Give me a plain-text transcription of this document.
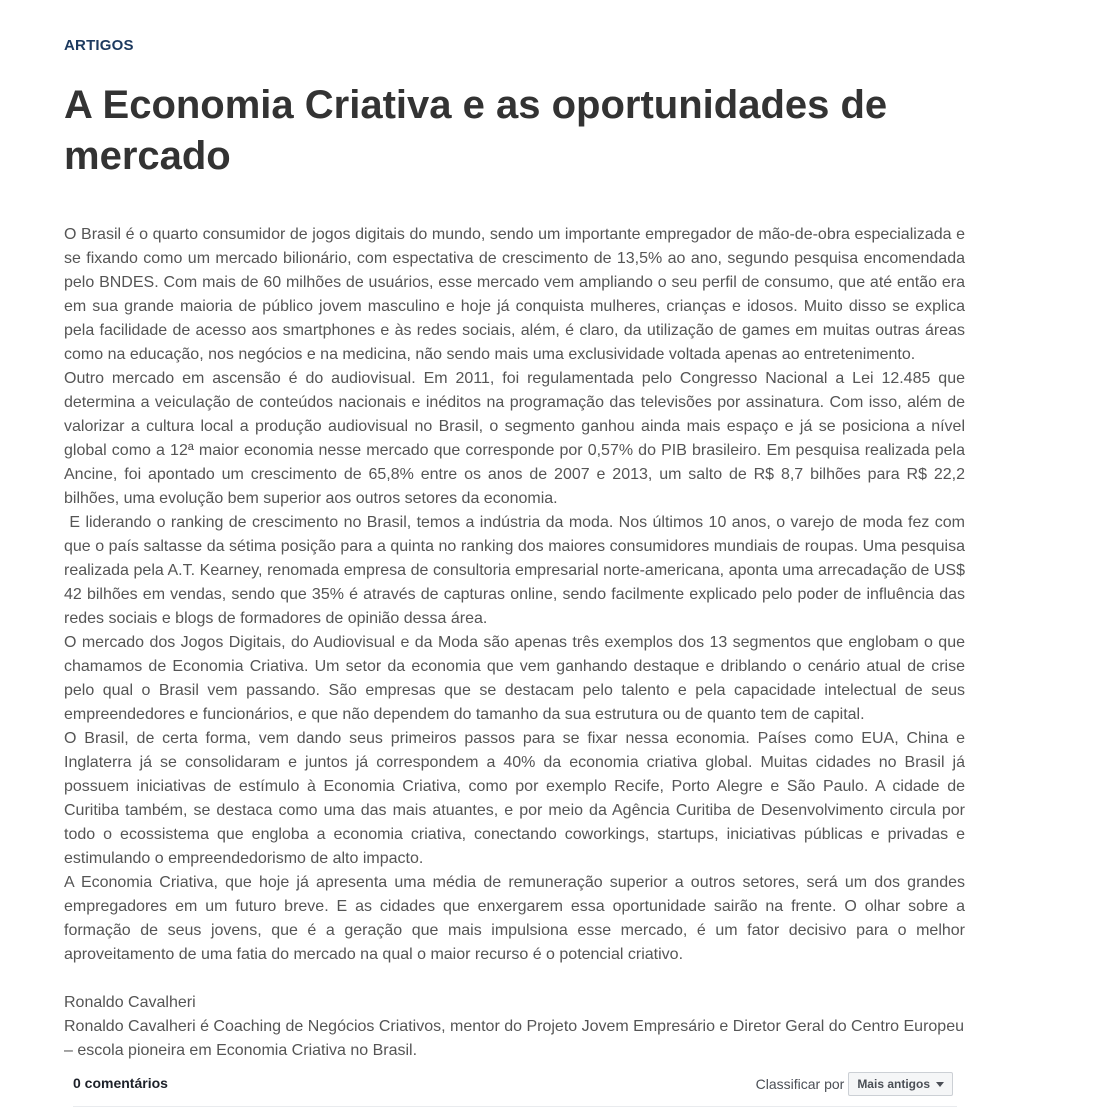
ARTIGOS
A Economia Criativa e as oportunidades de mercado

O Brasil é o quarto consumidor de jogos digitais do mundo, sendo um importante empregador de mão-de-obra especializada e se fixando como um mercado bilionário, com espectativa de crescimento de 13,5% ao ano, segundo pesquisa encomendada pelo BNDES. Com mais de 60 milhões de usuários, esse mercado vem ampliando o seu perfil de consumo, que até então era em sua grande maioria de público jovem masculino e hoje já conquista mulheres, crianças e idosos. Muito disso se explica pela facilidade de acesso aos smartphones e às redes sociais, além, é claro, da utilização de games em muitas outras áreas como na educação, nos negócios e na medicina, não sendo mais uma exclusividade voltada apenas ao entretenimento.

Outro mercado em ascensão é do audiovisual. Em 2011, foi regulamentada pelo Congresso Nacional a Lei 12.485 que determina a veiculação de conteúdos nacionais e inéditos na programação das televisões por assinatura. Com isso, além de valorizar a cultura local a produção audiovisual no Brasil, o segmento ganhou ainda mais espaço e já se posiciona a nível global como a 12ª maior economia nesse mercado que corresponde por 0,57% do PIB brasileiro. Em pesquisa realizada pela Ancine, foi apontado um crescimento de 65,8% entre os anos de 2007 e 2013, um salto de R$ 8,7 bilhões para R$ 22,2 bilhões, uma evolução bem superior aos outros setores da economia.

E liderando o ranking de crescimento no Brasil, temos a indústria da moda. Nos últimos 10 anos, o varejo de moda fez com que o país saltasse da sétima posição para a quinta no ranking dos maiores consumidores mundiais de roupas. Uma pesquisa realizada pela A.T. Kearney, renomada empresa de consultoria empresarial norte-americana, aponta uma arrecadação de US$ 42 bilhões em vendas, sendo que 35% é através de capturas online, sendo facilmente explicado pelo poder de influência das redes sociais e blogs de formadores de opinião dessa área.

O mercado dos Jogos Digitais, do Audiovisual e da Moda são apenas três exemplos dos 13 segmentos que englobam o que chamamos de Economia Criativa. Um setor da economia que vem ganhando destaque e driblando o cenário atual de crise pelo qual o Brasil vem passando. São empresas que se destacam pelo talento e pela capacidade intelectual de seus empreendedores e funcionários, e que não dependem do tamanho da sua estrutura ou de quanto tem de capital.

O Brasil, de certa forma, vem dando seus primeiros passos para se fixar nessa economia. Países como EUA, China e Inglaterra já se consolidaram e juntos já correspondem a 40% da economia criativa global. Muitas cidades no Brasil já possuem iniciativas de estímulo à Economia Criativa, como por exemplo Recife, Porto Alegre e São Paulo. A cidade de Curitiba também, se destaca como uma das mais atuantes, e por meio da Agência Curitiba de Desenvolvimento circula por todo o ecossistema que engloba a economia criativa, conectando coworkings, startups, iniciativas públicas e privadas e estimulando o empreendedorismo de alto impacto.

A Economia Criativa, que hoje já apresenta uma média de remuneração superior a outros setores, será um dos grandes empregadores em um futuro breve. E as cidades que enxergarem essa oportunidade sairão na frente. O olhar sobre a formação de seus jovens, que é a geração que mais impulsiona esse mercado, é um fator decisivo para o melhor aproveitamento de uma fatia do mercado na qual o maior recurso é o potencial criativo.

Ronaldo Cavalheri

Ronaldo Cavalheri é Coaching de Negócios Criativos, mentor do Projeto Jovem Empresário e Diretor Geral do Centro Europeu – escola pioneira em Economia Criativa no Brasil.

0 comentários	Classificar por Mais antigos
